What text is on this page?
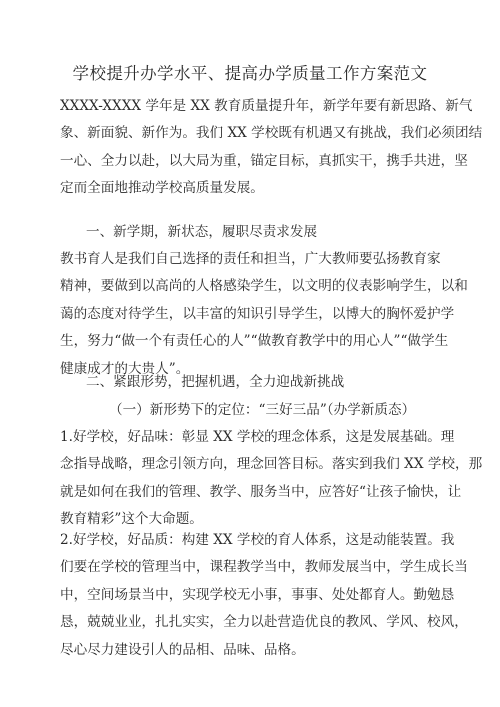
学校提升办学水平、提高办学质量工作方案范文
XXXX-XXXX 学年是 XX 教育质量提升年，新学年要有新思路、新气
象、新面貌、新作为。我们 XX 学校既有机遇又有挑战，我们必须团结
一心、全力以赴，以大局为重，锚定目标，真抓实干，携手共进，坚
定而全面地推动学校高质量发展。
一、新学期，新状态，履职尽责求发展
教书育人是我们自己选择的责任和担当，广大教师要弘扬教育家
精神，要做到以高尚的人格感染学生，以文明的仪表影响学生，以和
蔼的态度对待学生，以丰富的知识引导学生，以博大的胸怀爱护学
生，努力“做一个有责任心的人”“做教育教学中的用心人”“做学生
健康成才的大贵人”。
二、紧跟形势，把握机遇，全力迎战新挑战
（一）新形势下的定位：“三好三品”（办学新质态）
1.好学校，好品味：彰显 XX 学校的理念体系，这是发展基础。理
念指导战略，理念引领方向，理念回答目标。落实到我们 XX 学校，那
就是如何在我们的管理、教学、服务当中，应答好“让孩子愉快，让
教育精彩”这个大命题。
2.好学校，好品质：构建 XX 学校的育人体系，这是动能装置。我
们要在学校的管理当中，课程教学当中，教师发展当中，学生成长当
中，空间场景当中，实现学校无小事，事事、处处都育人。勤勉恳
恳，兢兢业业，扎扎实实，全力以赴营造优良的教风、学风、校风，
尽心尽力建设引人的品相、品味、品格。
